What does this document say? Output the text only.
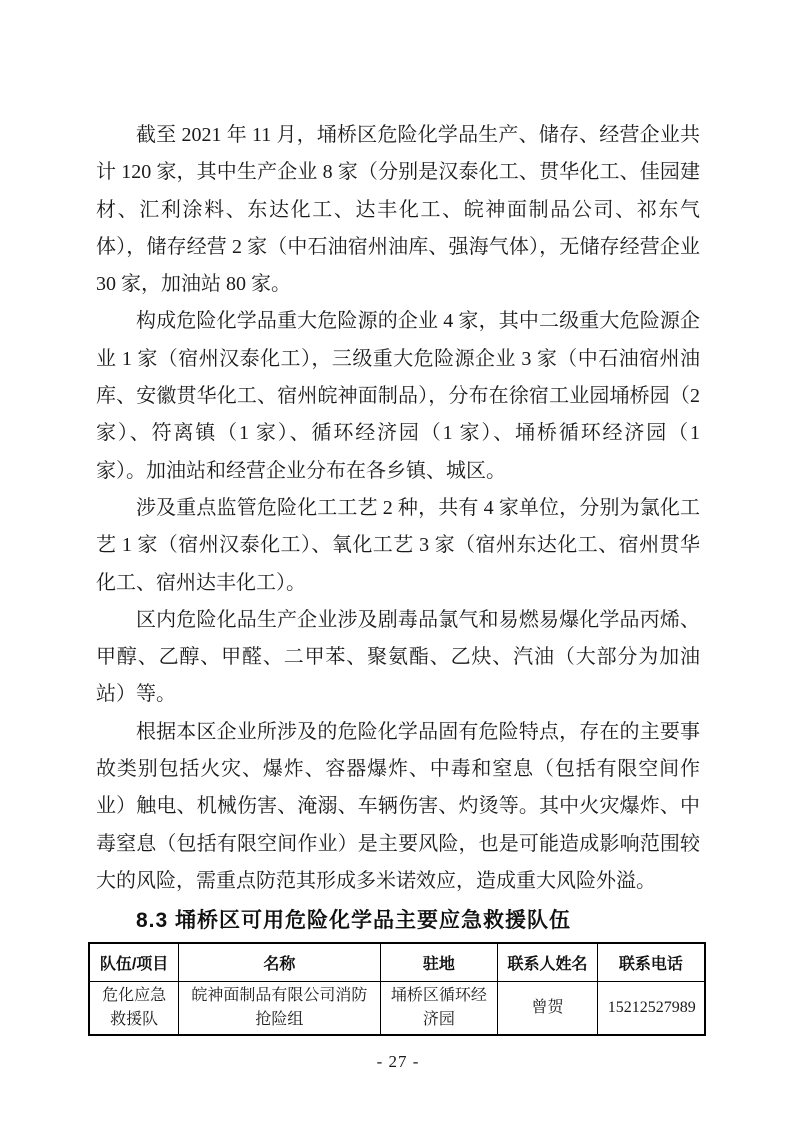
截至 2021 年 11 月，埇桥区危险化学品生产、储存、经营企业共计 120 家，其中生产企业 8 家（分别是汉泰化工、贯华化工、佳园建材、汇利涂料、东达化工、达丰化工、皖神面制品公司、祁东气体），储存经营 2 家（中石油宿州油库、强海气体），无储存经营企业 30 家，加油站 80 家。

构成危险化学品重大危险源的企业 4 家，其中二级重大危险源企业 1 家（宿州汉泰化工），三级重大危险源企业 3 家（中石油宿州油库、安徽贯华化工、宿州皖神面制品），分布在徐宿工业园埇桥园（2 家）、符离镇（1 家）、循环经济园（1 家）、埇桥循环经济园（1 家）。加油站和经营企业分布在各乡镇、城区。

涉及重点监管危险化工工艺 2 种，共有 4 家单位，分别为氯化工艺 1 家（宿州汉泰化工）、氧化工艺 3 家（宿州东达化工、宿州贯华化工、宿州达丰化工）。

区内危险化品生产企业涉及剧毒品氯气和易燃易爆化学品丙烯、甲醇、乙醇、甲醛、二甲苯、聚氨酯、乙炔、汽油（大部分为加油站）等。

根据本区企业所涉及的危险化学品固有危险特点，存在的主要事故类别包括火灾、爆炸、容器爆炸、中毒和窒息（包括有限空间作业）触电、机械伤害、淹溺、车辆伤害、灼烫等。其中火灾爆炸、中毒窒息（包括有限空间作业）是主要风险，也是可能造成影响范围较大的风险，需重点防范其形成多米诺效应，造成重大风险外溢。

8.3 埇桥区可用危险化学品主要应急救援队伍
队伍/项目	名称	驻地	联系人姓名	联系电话
危化应急救援队	皖神面制品有限公司消防抢险组	埇桥区循环经济园	曾贺	15212527989
- 27 -
